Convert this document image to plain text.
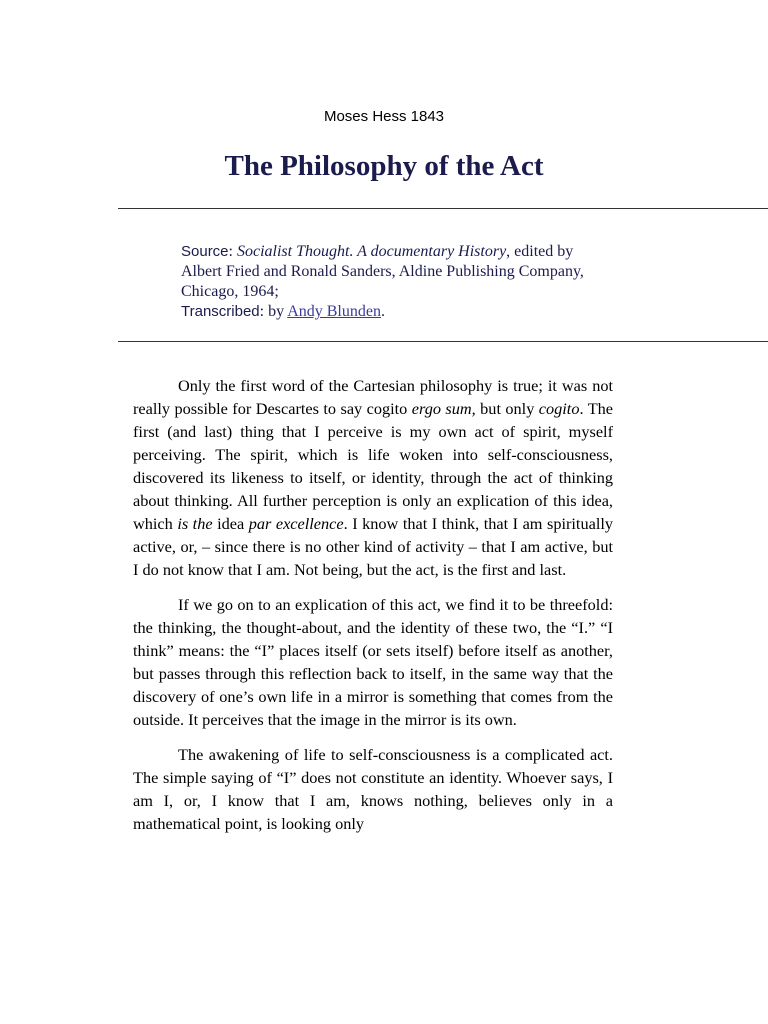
Moses Hess 1843
The Philosophy of the Act
Source: Socialist Thought. A documentary History, edited by Albert Fried and Ronald Sanders, Aldine Publishing Company, Chicago, 1964;
Transcribed: by Andy Blunden.

Only the first word of the Cartesian philosophy is true; it was not really possible for Descartes to say cogito ergo sum, but only cogito. The first (and last) thing that I perceive is my own act of spirit, myself perceiving. The spirit, which is life woken into self-consciousness, discovered its likeness to itself, or identity, through the act of thinking about thinking. All further perception is only an explication of this idea, which is the idea par excellence. I know that I think, that I am spiritually active, or, – since there is no other kind of activity – that I am active, but I do not know that I am. Not being, but the act, is the first and last.

If we go on to an explication of this act, we find it to be threefold: the thinking, the thought-about, and the identity of these two, the “I.” “I think” means: the “I” places itself (or sets itself) before itself as another, but passes through this reflection back to itself, in the same way that the discovery of one’s own life in a mirror is something that comes from the outside. It perceives that the image in the mirror is its own.

The awakening of life to self-consciousness is a complicated act. The simple saying of “I” does not constitute an identity. Whoever says, I am I, or, I know that I am, knows nothing, believes only in a mathematical point, is looking only
